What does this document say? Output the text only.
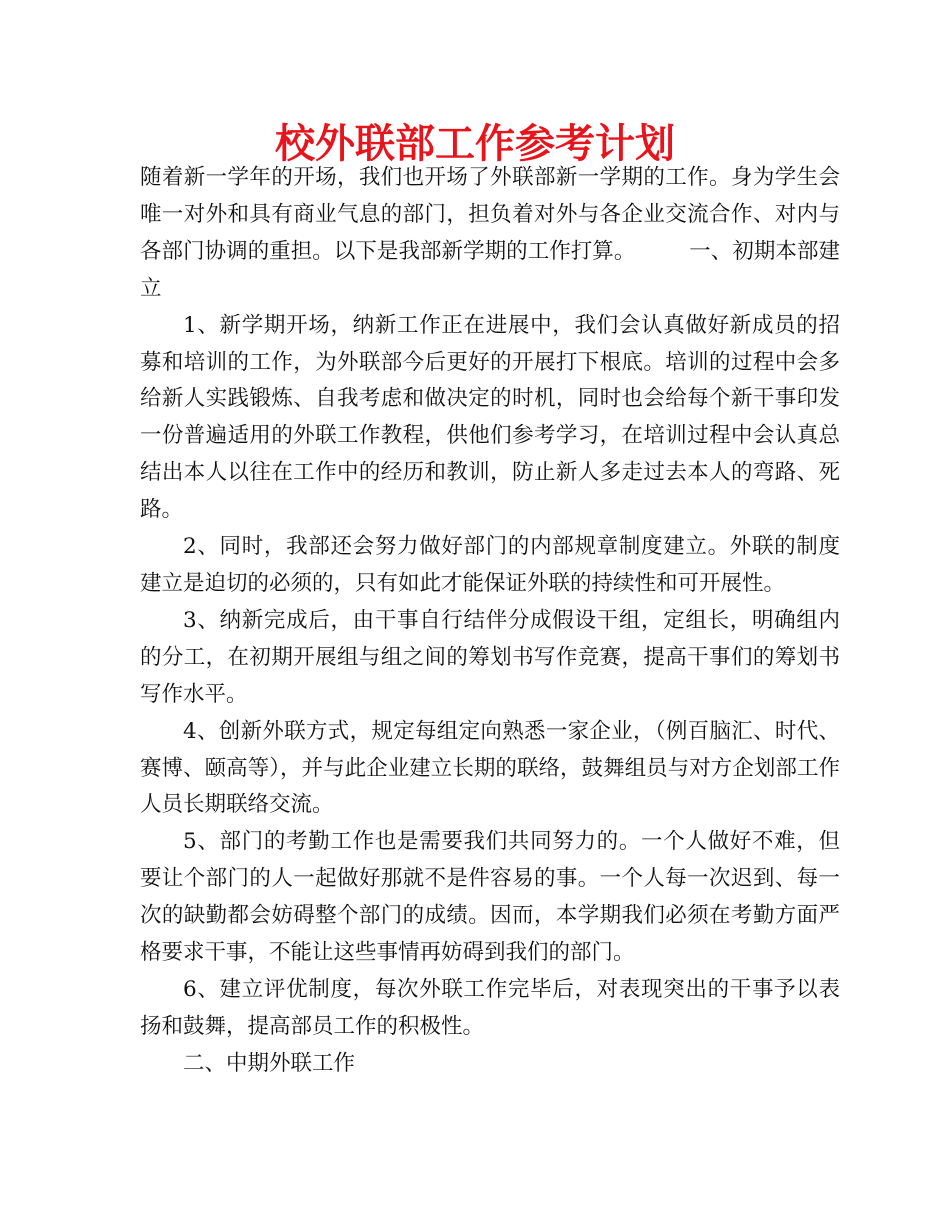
校外联部工作参考计划

随着新一学年的开场，我们也开场了外联部新一学期的工作。身为学生会唯一对外和具有商业气息的部门，担负着对外与各企业交流合作、对内与各部门协调的重担。以下是我部新学期的工作打算。　　　一、初期本部建立

1、新学期开场，纳新工作正在进展中，我们会认真做好新成员的招募和培训的工作，为外联部今后更好的开展打下根底。培训的过程中会多给新人实践锻炼、自我考虑和做决定的时机，同时也会给每个新干事印发一份普遍适用的外联工作教程，供他们参考学习，在培训过程中会认真总结出本人以往在工作中的经历和教训，防止新人多走过去本人的弯路、死路。

2、同时，我部还会努力做好部门的内部规章制度建立。外联的制度建立是迫切的必须的，只有如此才能保证外联的持续性和可开展性。

3、纳新完成后，由干事自行结伴分成假设干组，定组长，明确组内的分工，在初期开展组与组之间的筹划书写作竞赛，提高干事们的筹划书写作水平。

4、创新外联方式，规定每组定向熟悉一家企业，（例百脑汇、时代、赛博、颐高等），并与此企业建立长期的联络，鼓舞组员与对方企划部工作人员长期联络交流。

5、部门的考勤工作也是需要我们共同努力的。一个人做好不难，但要让个部门的人一起做好那就不是件容易的事。一个人每一次迟到、每一次的缺勤都会妨碍整个部门的成绩。因而，本学期我们必须在考勤方面严格要求干事，不能让这些事情再妨碍到我们的部门。

6、建立评优制度，每次外联工作完毕后，对表现突出的干事予以表扬和鼓舞，提高部员工作的积极性。

二、中期外联工作
